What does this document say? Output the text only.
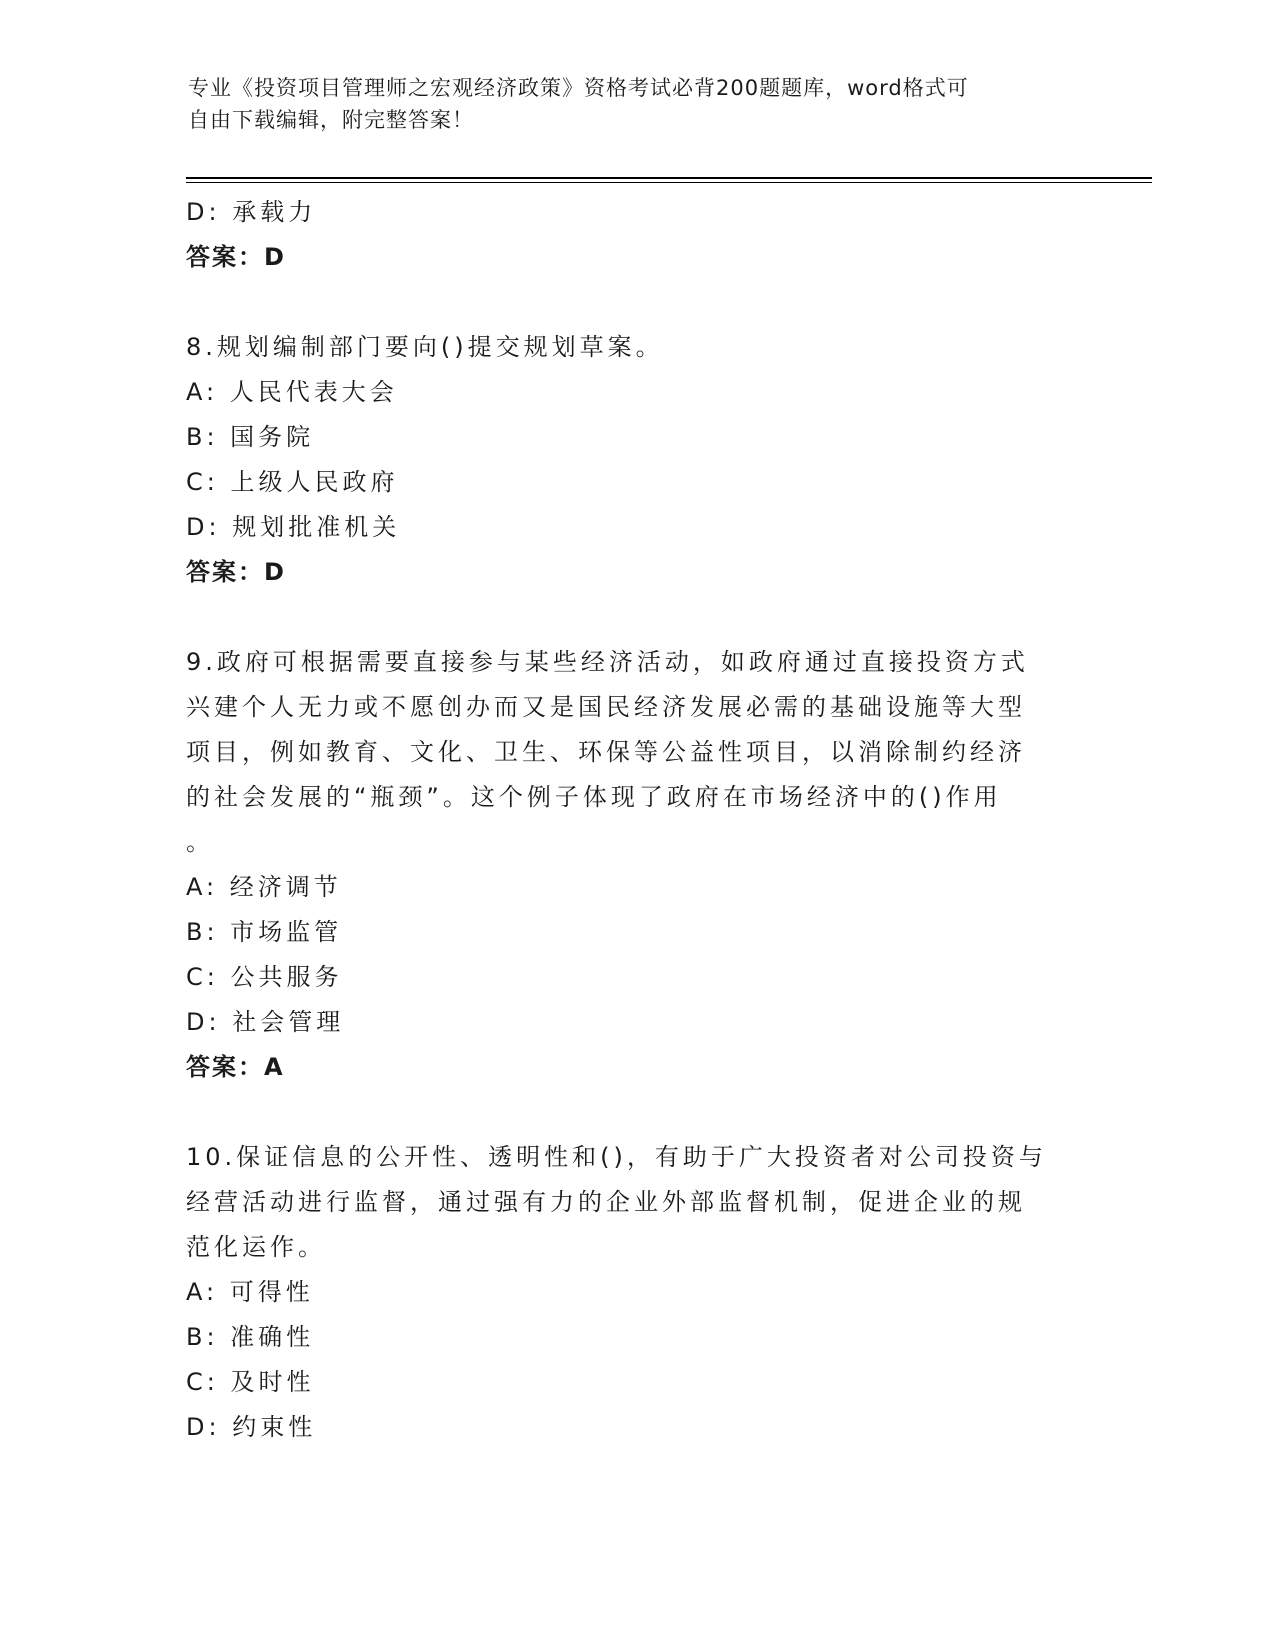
专业《投资项目管理师之宏观经济政策》资格考试必背200题题库，word格式可
自由下载编辑，附完整答案！
D: 承载力
答案：D
8.规划编制部门要向()提交规划草案。
A: 人民代表大会
B: 国务院
C: 上级人民政府
D: 规划批准机关
答案：D
9.政府可根据需要直接参与某些经济活动，如政府通过直接投资方式
兴建个人无力或不愿创办而又是国民经济发展必需的基础设施等大型
项目，例如教育、文化、卫生、环保等公益性项目，以消除制约经济
的社会发展的“瓶颈”。这个例子体现了政府在市场经济中的()作用
。
A: 经济调节
B: 市场监管
C: 公共服务
D: 社会管理
答案：A
10.保证信息的公开性、透明性和()，有助于广大投资者对公司投资与
经营活动进行监督，通过强有力的企业外部监督机制，促进企业的规
范化运作。
A: 可得性
B: 准确性
C: 及时性
D: 约束性
